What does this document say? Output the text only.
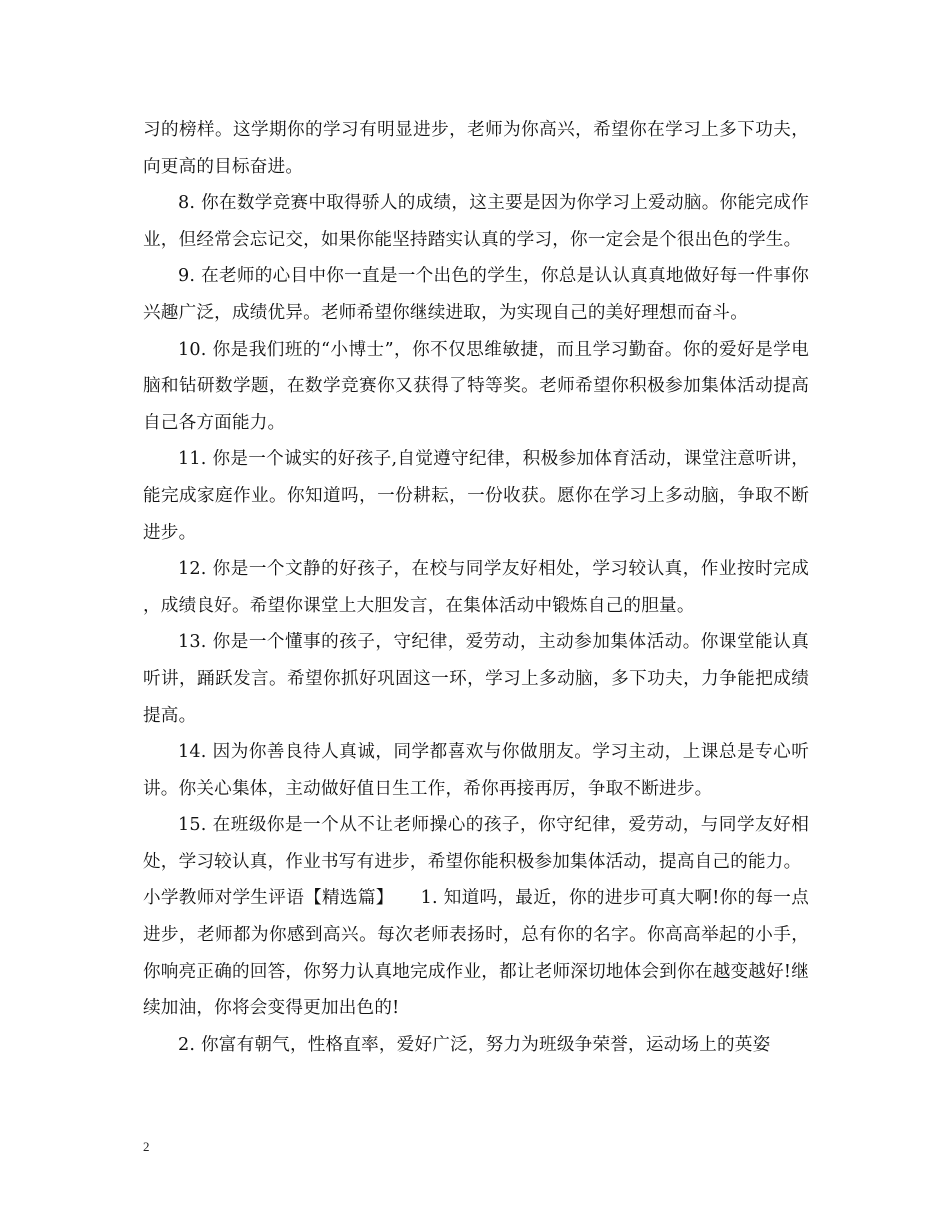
习的榜样。这学期你的学习有明显进步，老师为你高兴，希望你在学习上多下功夫，向更高的目标奋进。

8. 你在数学竞赛中取得骄人的成绩，这主要是因为你学习上爱动脑。你能完成作业，但经常会忘记交，如果你能坚持踏实认真的学习，你一定会是个很出色的学生。

9. 在老师的心目中你一直是一个出色的学生，你总是认认真真地做好每一件事你兴趣广泛，成绩优异。老师希望你继续进取，为实现自己的美好理想而奋斗。

10. 你是我们班的“小博士”，你不仅思维敏捷，而且学习勤奋。你的爱好是学电脑和钻研数学题，在数学竞赛你又获得了特等奖。老师希望你积极参加集体活动提高自己各方面能力。

11. 你是一个诚实的好孩子,自觉遵守纪律，积极参加体育活动，课堂注意听讲，能完成家庭作业。你知道吗，一份耕耘，一份收获。愿你在学习上多动脑，争取不断进步。

12. 你是一个文静的好孩子，在校与同学友好相处，学习较认真，作业按时完成，成绩良好。希望你课堂上大胆发言，在集体活动中锻炼自己的胆量。

13. 你是一个懂事的孩子，守纪律，爱劳动，主动参加集体活动。你课堂能认真听讲，踊跃发言。希望你抓好巩固这一环，学习上多动脑，多下功夫，力争能把成绩提高。

14. 因为你善良待人真诚，同学都喜欢与你做朋友。学习主动，上课总是专心听讲。你关心集体，主动做好值日生工作，希你再接再厉，争取不断进步。

15. 在班级你是一个从不让老师操心的孩子，你守纪律，爱劳动，与同学友好相处，学习较认真，作业书写有进步，希望你能积极参加集体活动，提高自己的能力。

小学教师对学生评语【精选篇】　　1. 知道吗，最近，你的进步可真大啊!你的每一点进步，老师都为你感到高兴。每次老师表扬时，总有你的名字。你高高举起的小手，你响亮正确的回答，你努力认真地完成作业，都让老师深切地体会到你在越变越好!继续加油，你将会变得更加出色的!

2. 你富有朝气，性格直率，爱好广泛，努力为班级争荣誉，运动场上的英姿

2
